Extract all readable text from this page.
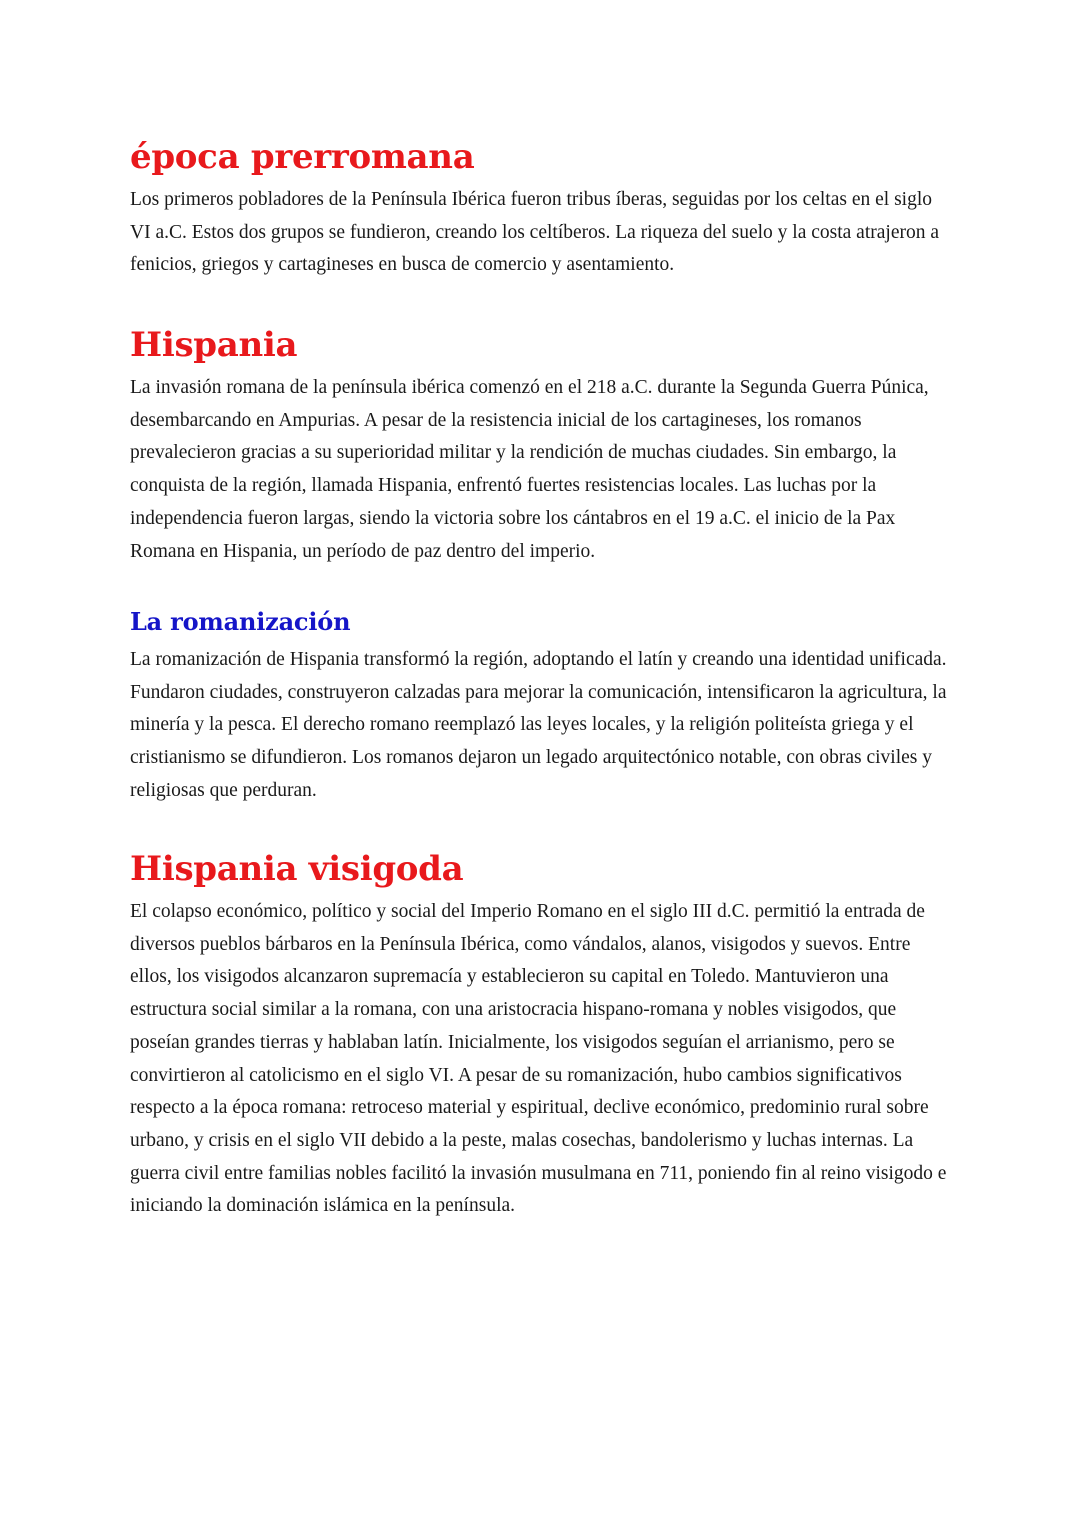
época prerromana

Los primeros pobladores de la Península Ibérica fueron tribus íberas, seguidas por los celtas en el siglo VI a.C. Estos dos grupos se fundieron, creando los celtíberos. La riqueza del suelo y la costa atrajeron a fenicios, griegos y cartagineses en busca de comercio y asentamiento.

Hispania

La invasión romana de la península ibérica comenzó en el 218 a.C. durante la Segunda Guerra Púnica, desembarcando en Ampurias. A pesar de la resistencia inicial de los cartagineses, los romanos prevalecieron gracias a su superioridad militar y la rendición de muchas ciudades. Sin embargo, la conquista de la región, llamada Hispania, enfrentó fuertes resistencias locales. Las luchas por la independencia fueron largas, siendo la victoria sobre los cántabros en el 19 a.C. el inicio de la Pax Romana en Hispania, un período de paz dentro del imperio.

La romanización

La romanización de Hispania transformó la región, adoptando el latín y creando una identidad unificada. Fundaron ciudades, construyeron calzadas para mejorar la comunicación, intensificaron la agricultura, la minería y la pesca. El derecho romano reemplazó las leyes locales, y la religión politeísta griega y el cristianismo se difundieron. Los romanos dejaron un legado arquitectónico notable, con obras civiles y religiosas que perduran.

Hispania visigoda

El colapso económico, político y social del Imperio Romano en el siglo III d.C. permitió la entrada de diversos pueblos bárbaros en la Península Ibérica, como vándalos, alanos, visigodos y suevos. Entre ellos, los visigodos alcanzaron supremacía y establecieron su capital en Toledo. Mantuvieron una estructura social similar a la romana, con una aristocracia hispano-romana y nobles visigodos, que poseían grandes tierras y hablaban latín. Inicialmente, los visigodos seguían el arrianismo, pero se convirtieron al catolicismo en el siglo VI. A pesar de su romanización, hubo cambios significativos respecto a la época romana: retroceso material y espiritual, declive económico, predominio rural sobre urbano, y crisis en el siglo VII debido a la peste, malas cosechas, bandolerismo y luchas internas. La guerra civil entre familias nobles facilitó la invasión musulmana en 711, poniendo fin al reino visigodo e iniciando la dominación islámica en la península.
